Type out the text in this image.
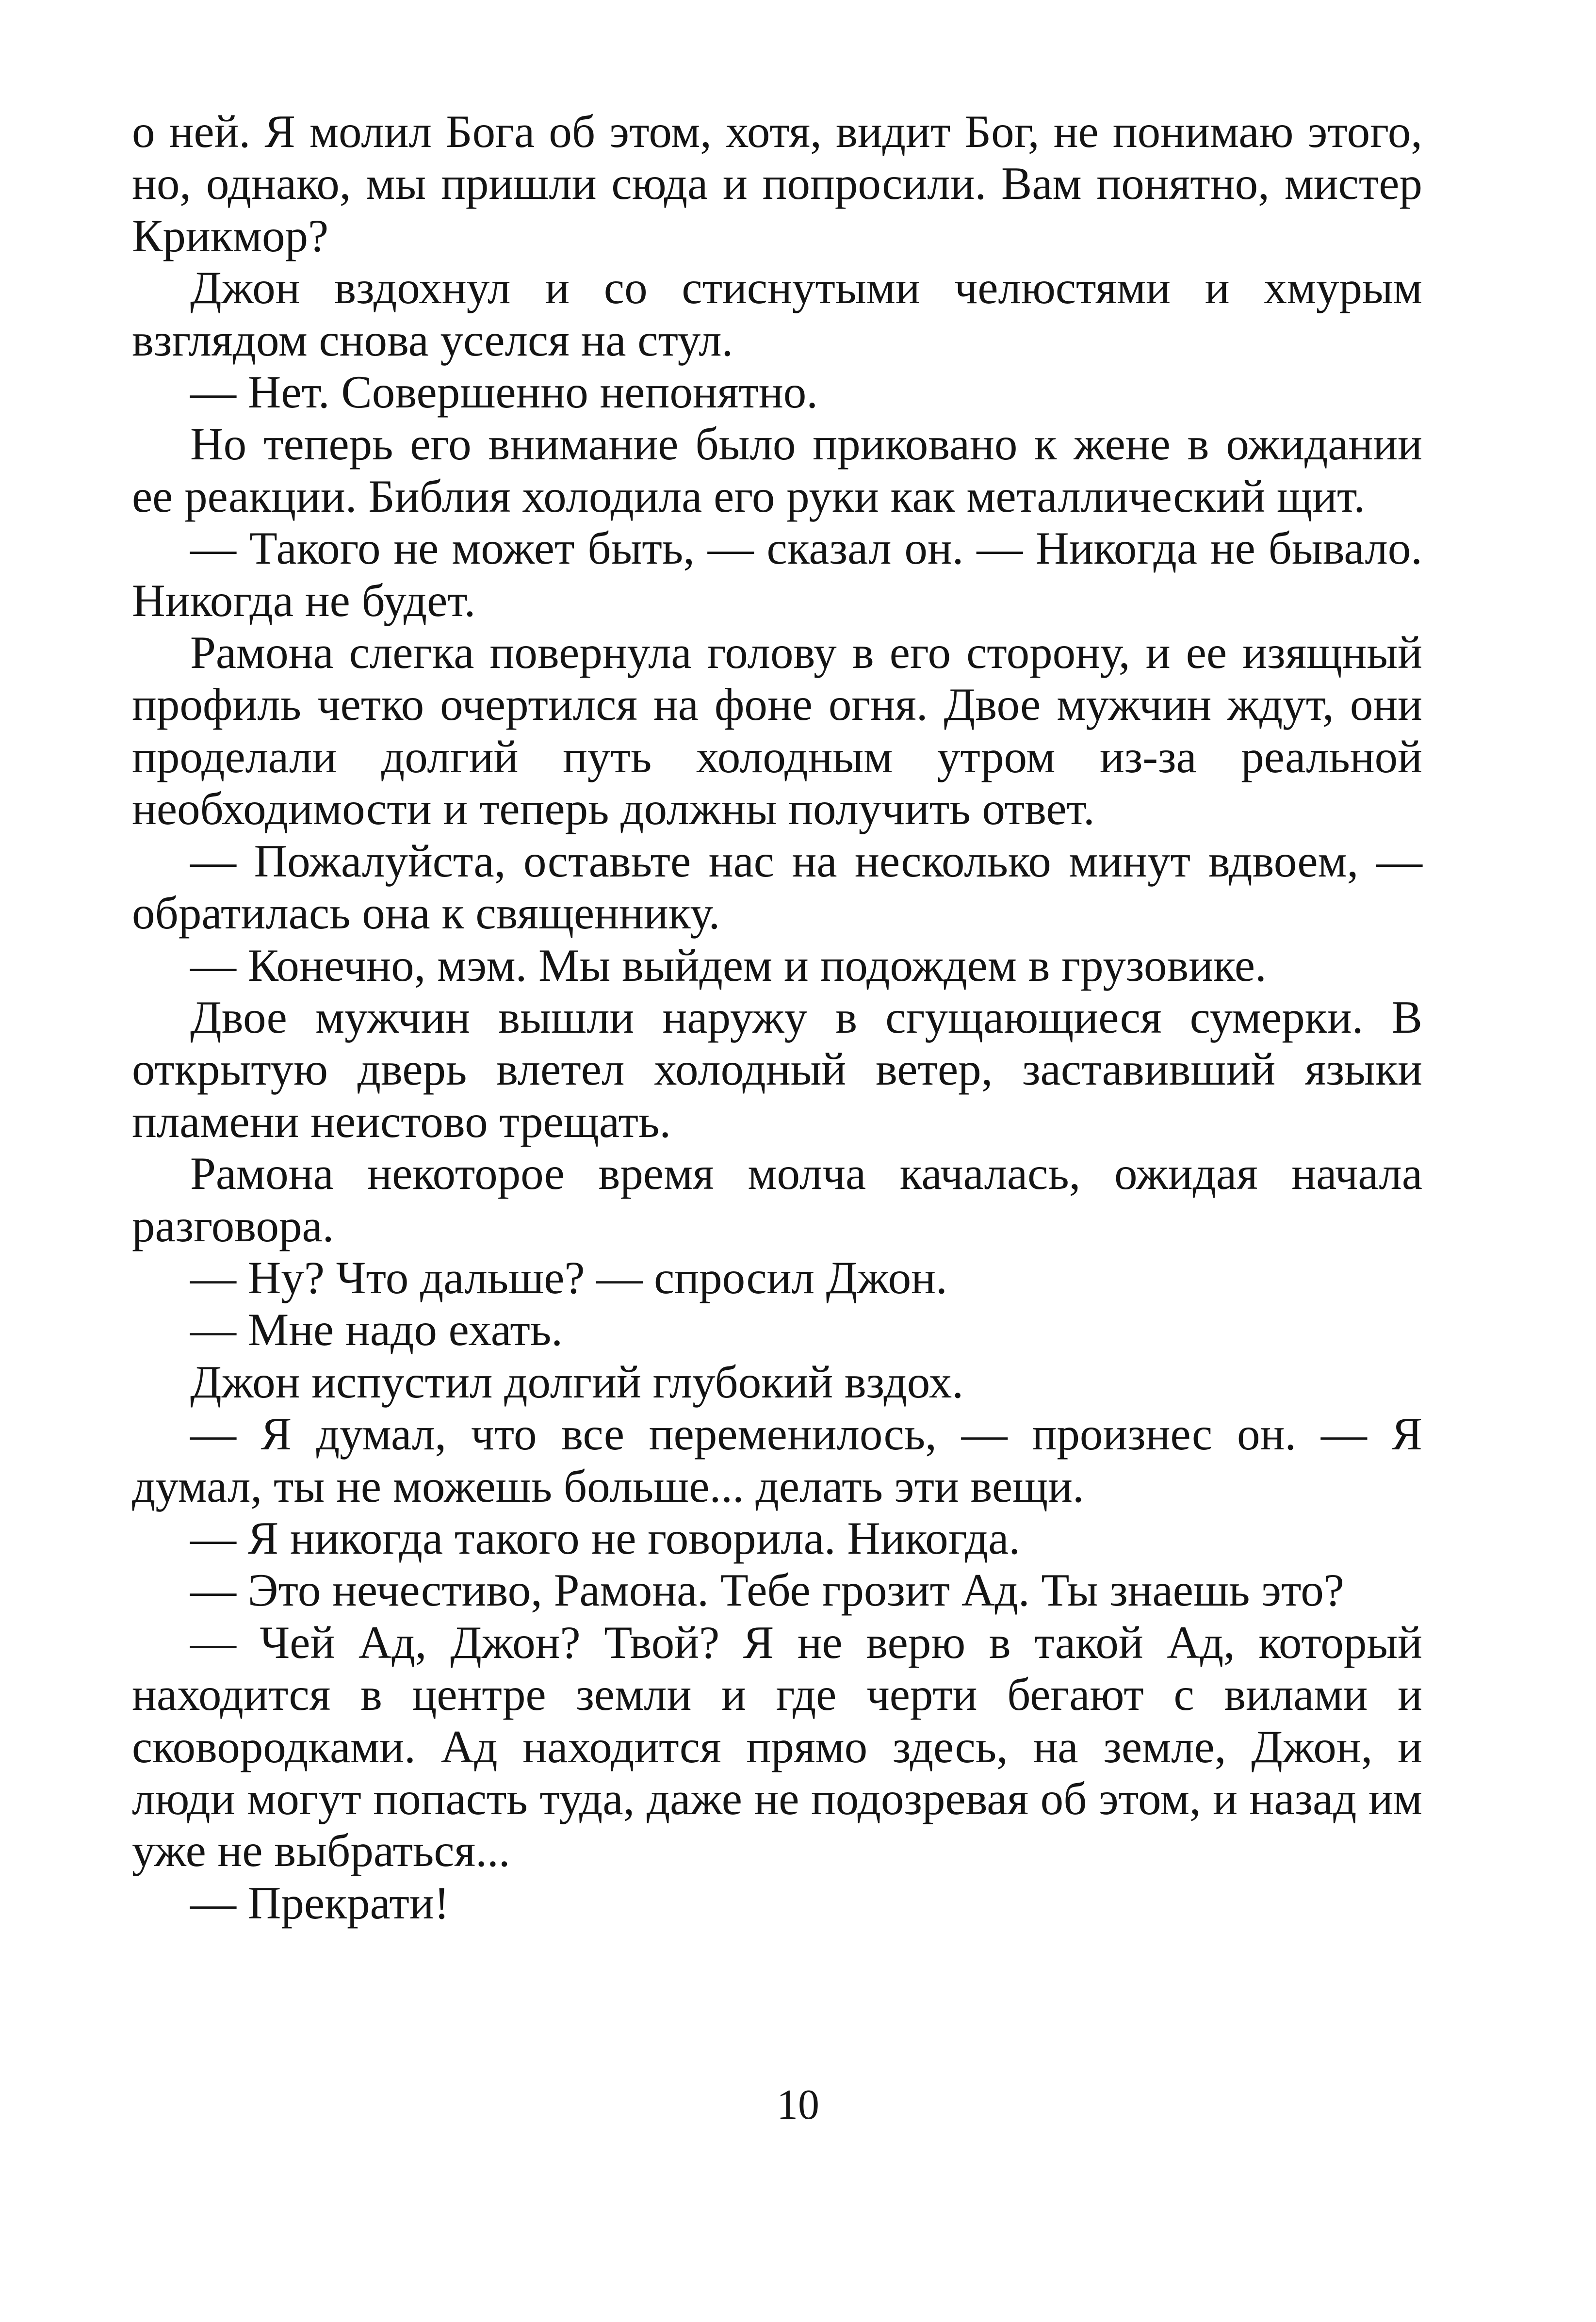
о ней. Я молил Бога об этом, хотя, видит Бог, не понимаю этого, но, однако, мы пришли сюда и попросили. Вам понятно, мистер Крикмор?

Джон вздохнул и со стиснутыми челюстями и хмурым взглядом снова уселся на стул.

— Нет. Совершенно непонятно.

Но теперь его внимание было приковано к жене в ожидании ее реакции. Библия холодила его руки как металлический щит.

— Такого не может быть, — сказал он. — Никогда не бывало. Никогда не будет.

Рамона слегка повернула голову в его сторону, и ее изящный профиль четко очертился на фоне огня. Двое мужчин ждут, они проделали долгий путь холодным утром из-за реальной необходимости и теперь должны получить ответ.

— Пожалуйста, оставьте нас на несколько минут вдвоем, — обратилась она к священнику.

— Конечно, мэм. Мы выйдем и подождем в грузовике.

Двое мужчин вышли наружу в сгущающиеся сумерки. В открытую дверь влетел холодный ветер, заставивший языки пламени неистово трещать.

Рамона некоторое время молча качалась, ожидая начала разговора.

— Ну? Что дальше? — спросил Джон.

— Мне надо ехать.

Джон испустил долгий глубокий вздох.

— Я думал, что все переменилось, — произнес он. — Я думал, ты не можешь больше... делать эти вещи.

— Я никогда такого не говорила. Никогда.

— Это нечестиво, Рамона. Тебе грозит Ад. Ты знаешь это?

— Чей Ад, Джон? Твой? Я не верю в такой Ад, который находится в центре земли и где черти бегают с вилами и сковородками. Ад находится прямо здесь, на земле, Джон, и люди могут попасть туда, даже не подозревая об этом, и назад им уже не выбраться...

— Прекрати!

10
